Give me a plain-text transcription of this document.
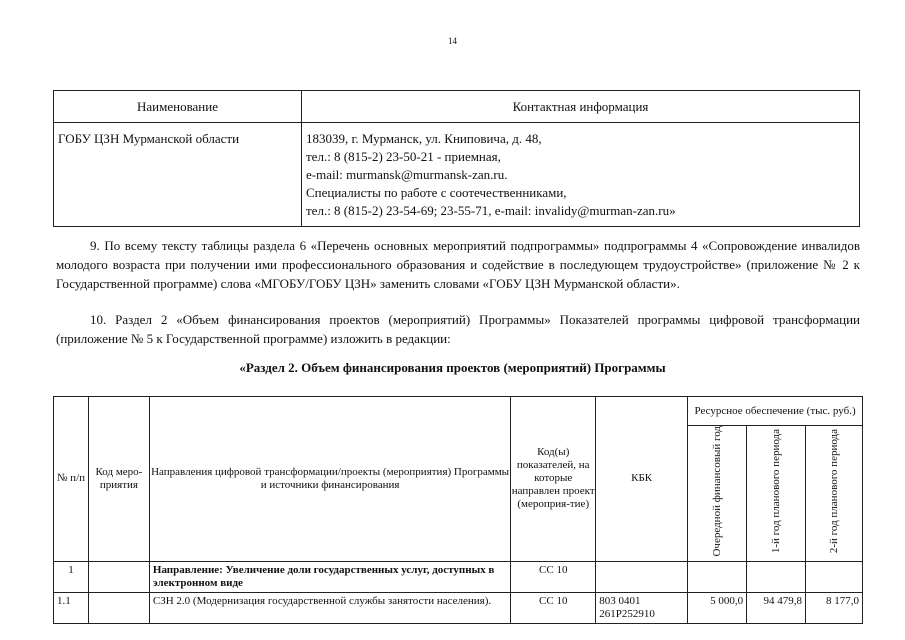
14
Наименование	Контактная информация
ГОБУ ЦЗН Мурманской области	183039, г. Мурманск, ул. Книповича, д. 48,
тел.: 8 (815-2) 23-50-21 - приемная,
e-mail: murmansk@murmansk-zan.ru.
Специалисты по работе с соотечественниками,
тел.: 8 (815-2) 23-54-69; 23-55-71, e-mail: invalidy@murman-zan.ru»

9. По всему тексту таблицы раздела 6 «Перечень основных мероприятий подпрограммы» подпрограммы 4 «Сопровождение инвалидов молодого возраста при получении ими профессионального образования и содействие в последующем трудоустройстве» (приложение № 2 к Государственной программе) слова «МГОБУ/ГОБУ ЦЗН» заменить словами «ГОБУ ЦЗН Мурманской области».

10. Раздел 2 «Объем финансирования проектов (мероприятий) Программы» Показателей программы цифровой трансформации (приложение № 5 к Государственной программе) изложить в редакции:

«Раздел 2. Объем финансирования проектов (мероприятий) Программы
№ п/п	Код меро-приятия	Направления цифровой трансформации/проекты (мероприятия) Программы и источники финансирования	Код(ы) показателей, на которые направлен проект (мероприя-тие)	КБК	Ресурсное обеспечение (тыс. руб.)		
					Очередной финансовый год	1-й год планового периода	2-й год планового периода
1		Направление: Увеличение доли государственных услуг, доступных в электронном виде	СС 10				
1.1		СЗН 2.0 (Модернизация государственной службы занятости населения).	СС 10	803 0401 261Р252910	5 000,0	94 479,8	8 177,0
